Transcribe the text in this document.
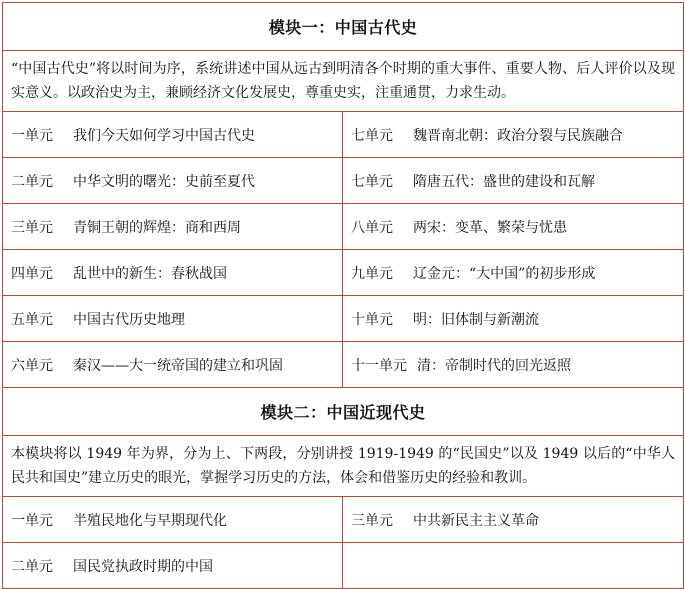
模块一：中国古代史	
“中国古代史”将以时间为序，系统讲述中国从远古到明清各个时期的重大事件、重要人物、后人评价以及现实意义。以政治史为主，兼顾经济文化发展史，尊重史实，注重通贯，力求生动。	
一单元 我们今天如何学习中国古代史	七单元 魏晋南北朝：政治分裂与民族融合
二单元 中华文明的曙光：史前至夏代	七单元 隋唐五代：盛世的建设和瓦解
三单元 青铜王朝的辉煌：商和西周	八单元 两宋：变革、繁荣与忧患
四单元 乱世中的新生：春秋战国	九单元 辽金元：“大中国”的初步形成
五单元 中国古代历史地理	十单元 明：旧体制与新潮流
六单元 秦汉——大一统帝国的建立和巩固	十一单元 清：帝制时代的回光返照
模块二：中国近现代史	
本模块将以 1949 年为界，分为上、下两段，分别讲授 1919-1949 的“民国史”以及 1949 以后的“中华人民共和国史”建立历史的眼光，掌握学习历史的方法，体会和借鉴历史的经验和教训。	
一单元 半殖民地化与早期现代化	三单元 中共新民主主义革命
二单元 国民党执政时期的中国	
